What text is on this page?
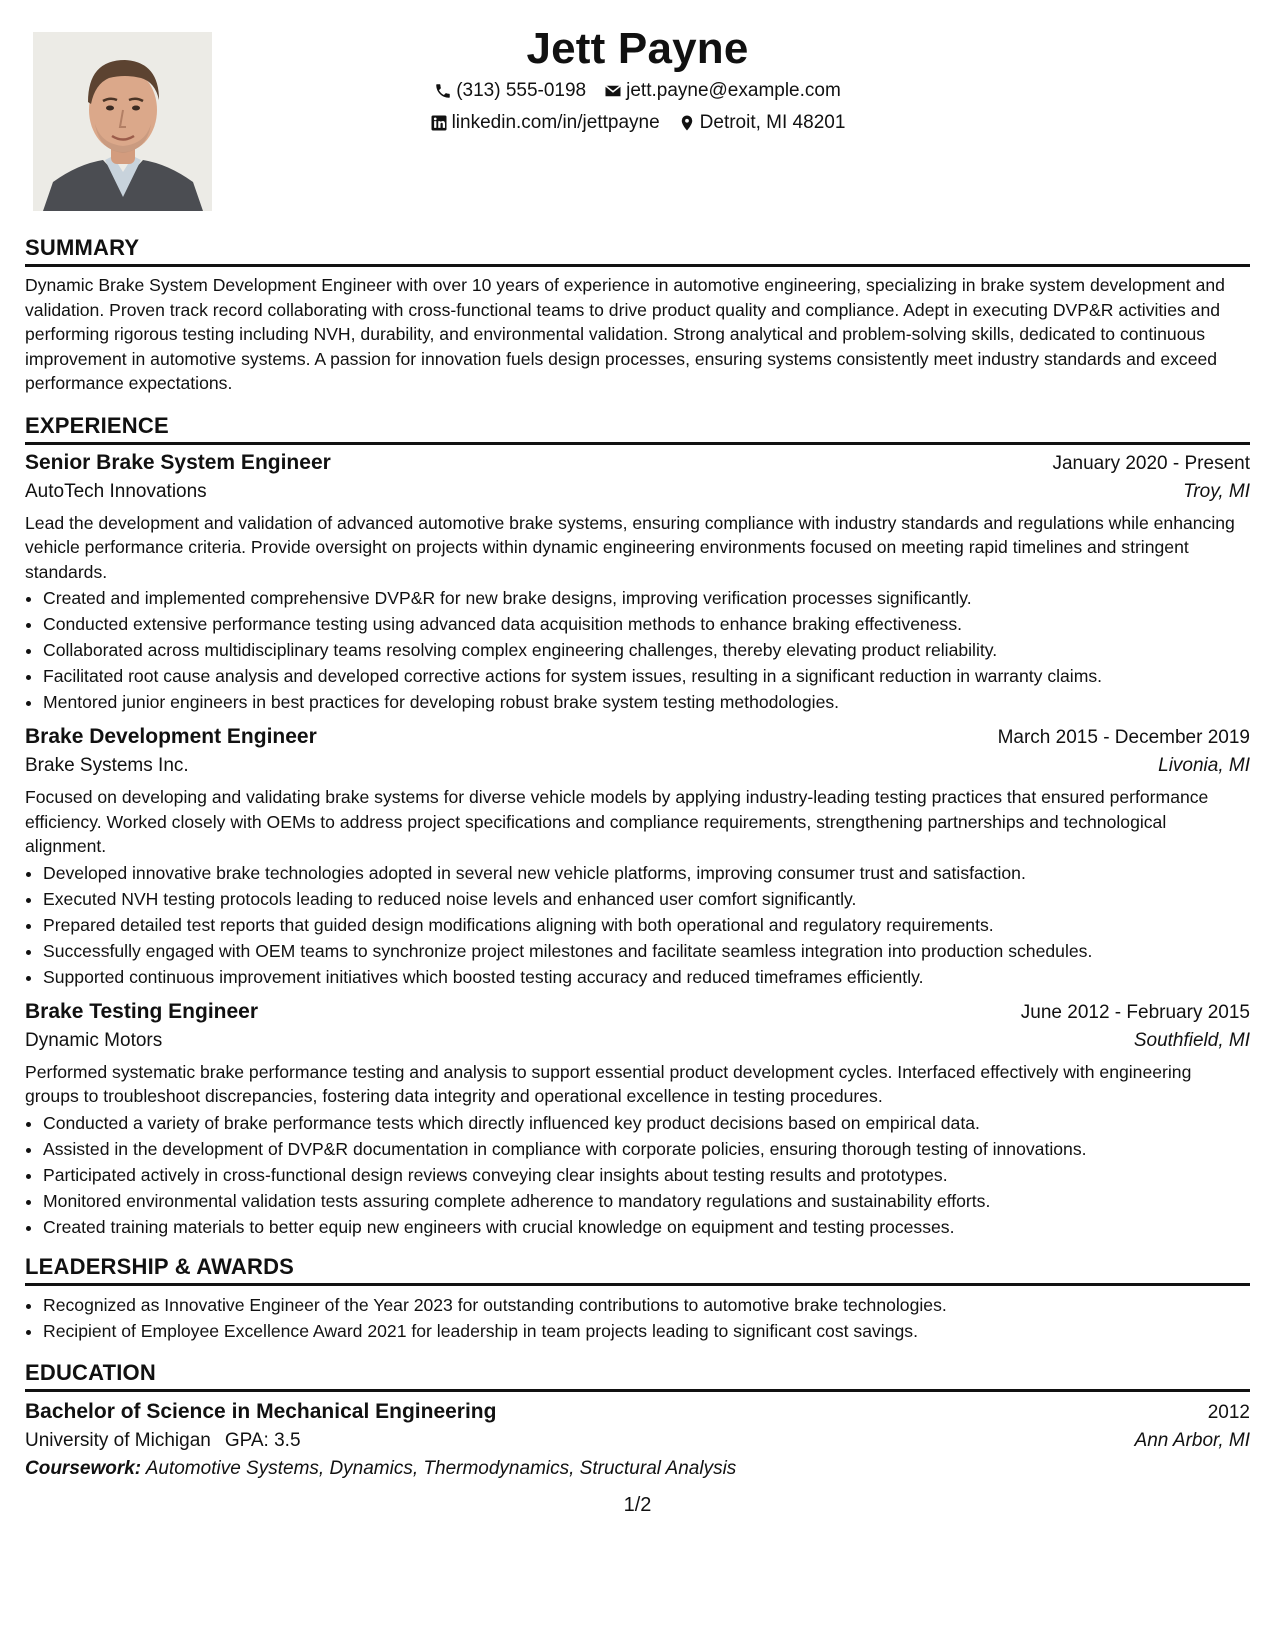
Jett Payne
(313) 555-0198 jett.payne@example.com
linkedin.com/in/jettpayne Detroit, MI 48201
SUMMARY

Dynamic Brake System Development Engineer with over 10 years of experience in automotive engineering, specializing in brake system development and validation. Proven track record collaborating with cross-functional teams to drive product quality and compliance. Adept in executing DVP&R activities and performing rigorous testing including NVH, durability, and environmental validation. Strong analytical and problem-solving skills, dedicated to continuous improvement in automotive systems. A passion for innovation fuels design processes, ensuring systems consistently meet industry standards and exceed performance expectations.

EXPERIENCE
Senior Brake System Engineer	January 2020 - Present
AutoTech Innovations	Troy, MI

Lead the development and validation of advanced automotive brake systems, ensuring compliance with industry standards and regulations while enhancing vehicle performance criteria. Provide oversight on projects within dynamic engineering environments focused on meeting rapid timelines and stringent standards.

• Created and implemented comprehensive DVP&R for new brake designs, improving verification processes significantly.
• Conducted extensive performance testing using advanced data acquisition methods to enhance braking effectiveness.
• Collaborated across multidisciplinary teams resolving complex engineering challenges, thereby elevating product reliability.
• Facilitated root cause analysis and developed corrective actions for system issues, resulting in a significant reduction in warranty claims.
• Mentored junior engineers in best practices for developing robust brake system testing methodologies.
Brake Development Engineer	March 2015 - December 2019
Brake Systems Inc.	Livonia, MI

Focused on developing and validating brake systems for diverse vehicle models by applying industry-leading testing practices that ensured performance efficiency. Worked closely with OEMs to address project specifications and compliance requirements, strengthening partnerships and technological alignment.

• Developed innovative brake technologies adopted in several new vehicle platforms, improving consumer trust and satisfaction.
• Executed NVH testing protocols leading to reduced noise levels and enhanced user comfort significantly.
• Prepared detailed test reports that guided design modifications aligning with both operational and regulatory requirements.
• Successfully engaged with OEM teams to synchronize project milestones and facilitate seamless integration into production schedules.
• Supported continuous improvement initiatives which boosted testing accuracy and reduced timeframes efficiently.
Brake Testing Engineer	June 2012 - February 2015
Dynamic Motors	Southfield, MI

Performed systematic brake performance testing and analysis to support essential product development cycles. Interfaced effectively with engineering groups to troubleshoot discrepancies, fostering data integrity and operational excellence in testing procedures.

• Conducted a variety of brake performance tests which directly influenced key product decisions based on empirical data.
• Assisted in the development of DVP&R documentation in compliance with corporate policies, ensuring thorough testing of innovations.
• Participated actively in cross-functional design reviews conveying clear insights about testing results and prototypes.
• Monitored environmental validation tests assuring complete adherence to mandatory regulations and sustainability efforts.
• Created training materials to better equip new engineers with crucial knowledge on equipment and testing processes.
LEADERSHIP & AWARDS
• Recognized as Innovative Engineer of the Year 2023 for outstanding contributions to automotive brake technologies.
• Recipient of Employee Excellence Award 2021 for leadership in team projects leading to significant cost savings.
EDUCATION
Bachelor of Science in Mechanical Engineering	2012
University of Michigan GPA: 3.5	Ann Arbor, MI
Coursework: Automotive Systems, Dynamics, Thermodynamics, Structural Analysis
1/2
